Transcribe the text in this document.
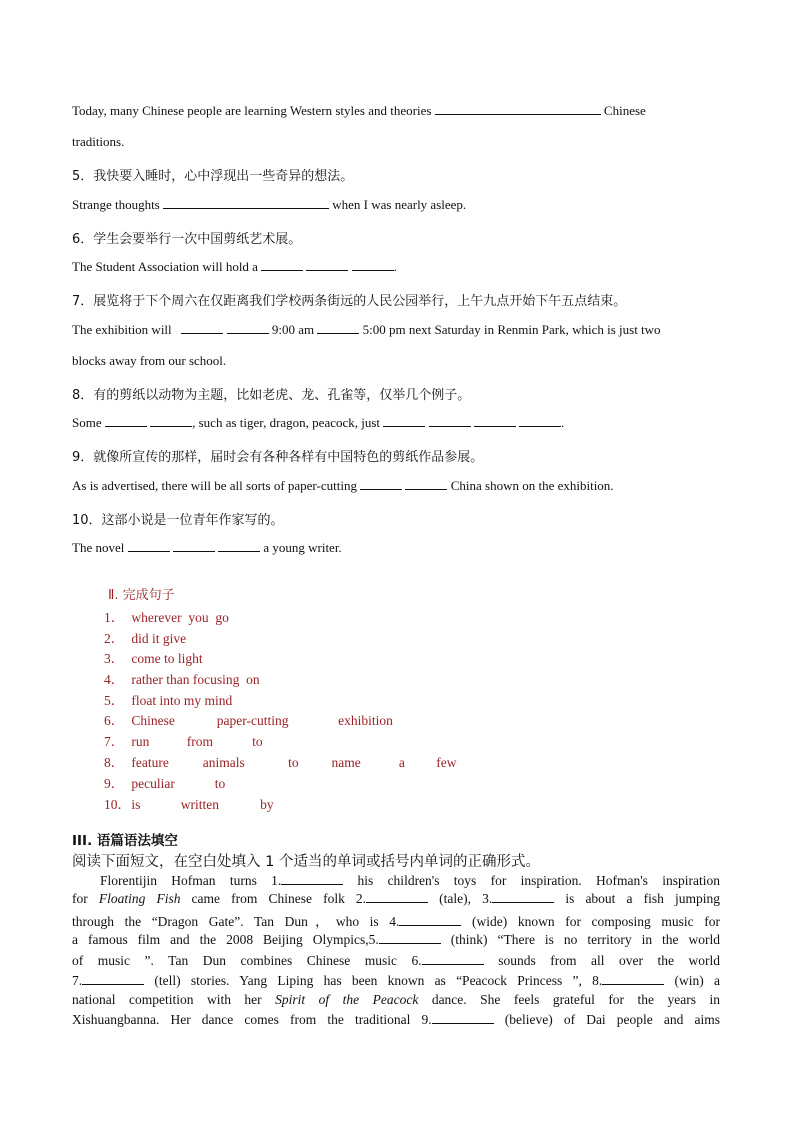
Today, many Chinese people are learning Western styles and theories	Chinese
traditions.
5．我快要入睡时，心中浮现出一些奇异的想法。
Strange thoughts	when I was nearly asleep.
6．学生会要举行一次中国剪纸艺术展。
The Student Association will hold a	.
7．展览将于下个周六在仅距离我们学校两条街远的人民公园举行，上午九点开始下午五点结束。
The exhibition will	9:00 am	5:00 pm next Saturday in Renmin Park, which is just two
blocks away from our school.
8．有的剪纸以动物为主题，比如老虎、龙、孔雀等，仅举几个例子。
Some	, such as tiger, dragon, peacock, just	.
9．就像所宣传的那样，届时会有各种各样有中国特色的剪纸作品参展。
As is advertised, there will be all sorts of paper-cutting	China shown on the exhibition.
10．这部小说是一位青年作家写的。
The novel	a young writer.
Ⅱ. 完成句子
1． wherever you go
2． did it give
3． come to light
4． rather than focusing on
5． float into my mind
6． Chinese	paper-cutting	exhibition
7． run	from	to
8． feature	animals	to name	a few
9． peculiar	to
10． is	written	by
III. 语篇语法填空
阅读下面短文，在空白处填入 1 个适当的单词或括号内单词的正确形式。
Florentijin Hofman turns 1.	his children's toys for inspiration. Hofman's inspiration
for Floating Fish came from Chinese folk 2.	(tale), 3.	is about a fish jumping
through the “Dragon Gate”. Tan Dun，who is 4.	(wide) known for composing music for
a famous film and the 2008 Beijing Olympics,5.	(think) “There is no territory in the world
of music ”. Tan Dun combines Chinese music 6.	sounds from all over the world
7.	(tell) stories. Yang Liping has been known as “Peacock Princess ”, 8.	(win) a
national competition with her Spirit of the Peacock dance. She feels grateful for the years in
Xishuangbanna. Her dance comes from the traditional 9.	(believe) of Dai people and aims
